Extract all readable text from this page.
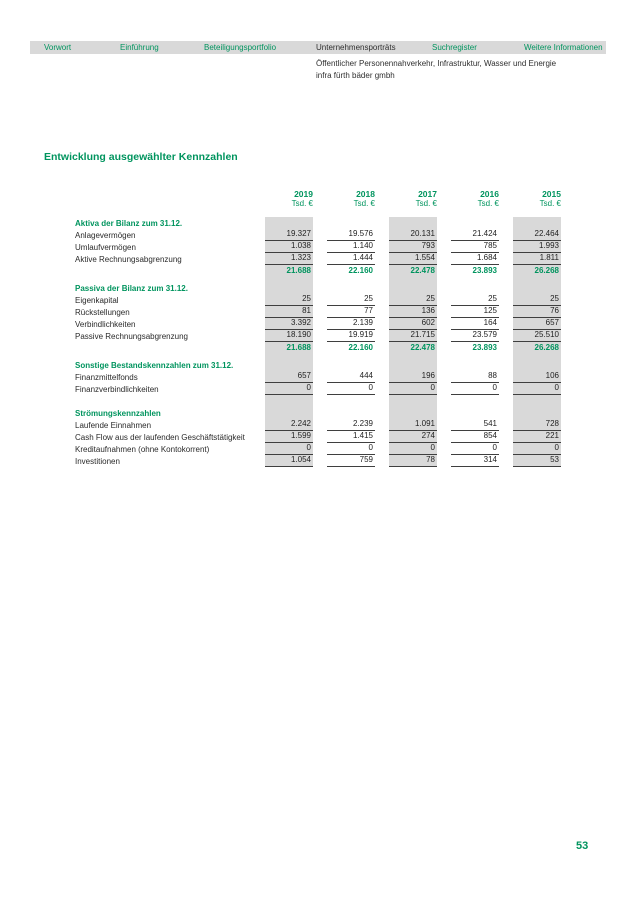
Vorwort	Einführung	Beteiligungsportfolio	Unternehmensporträts	Suchregister	Weitere Informationen
Öffentlicher Personennahverkehr, Infrastruktur, Wasser und Energie
infra fürth bäder gmbh
Entwicklung ausgewählter Kennzahlen
	2019	2018	2017	2016	2015
	Tsd. €	Tsd. €	Tsd. €	Tsd. €	Tsd. €

Aktiva der Bilanz zum 31.12.					
Anlagevermögen	19.327	19.576	20.131	21.424	22.464
Umlaufvermögen	1.038	1.140	793	785	1.993
Aktive Rechnungsabgrenzung	1.323	1.444	1.554	1.684	1.811
	21.688	22.160	22.478	23.893	26.268

Passiva der Bilanz zum 31.12.					
Eigenkapital	25	25	25	25	25
Rückstellungen	81	77	136	125	76
Verbindlichkeiten	3.392	2.139	602	164	657
Passive Rechnungsabgrenzung	18.190	19.919	21.715	23.579	25.510
	21.688	22.160	22.478	23.893	26.268

Sonstige Bestandskennzahlen zum 31.12.					
Finanzmittelfonds	657	444	196	88	106
Finanzverbindlichkeiten	0	0	0	0	0

Strömungskennzahlen					
Laufende Einnahmen	2.242	2.239	1.091	541	728
Cash Flow aus der laufenden Geschäftstätigkeit	1.599	1.415	274	854	221
Kreditaufnahmen (ohne Kontokorrent)	0	0	0	0	0
Investitionen	1.054	759	78	314	53
53
